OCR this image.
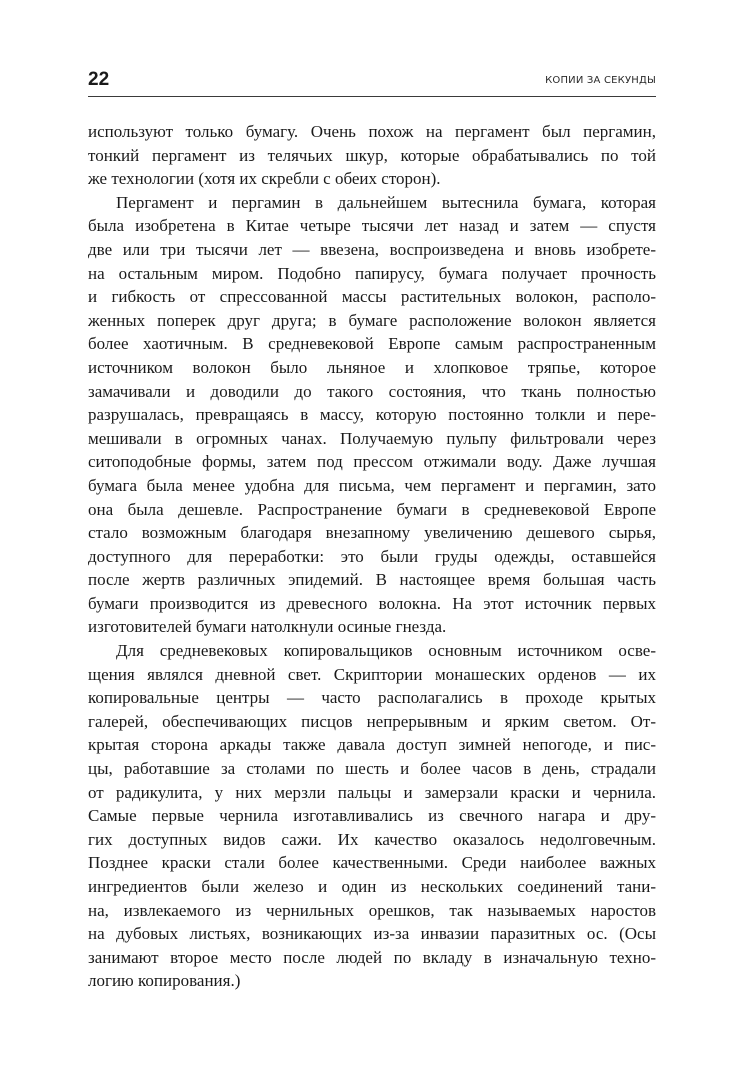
22	КОПИИ ЗА СЕКУНДЫ

используют только бумагу. Очень похож на пергамент был пергамин,
тонкий пергамент из телячьих шкур, которые обрабатывались по той
же технологии (хотя их скребли с обеих сторон).

Пергамент и пергамин в дальнейшем вытеснила бумага, которая
была изобретена в Китае четыре тысячи лет назад и затем — спустя
две или три тысячи лет — ввезена, воспроизведена и вновь изобрете-
на остальным миром. Подобно папирусу, бумага получает прочность
и гибкость от спрессованной массы растительных волокон, располо-
женных поперек друг друга; в бумаге расположение волокон является
более хаотичным. В средневековой Европе самым распространенным
источником волокон было льняное и хлопковое тряпье, которое
замачивали и доводили до такого состояния, что ткань полностью
разрушалась, превращаясь в массу, которую постоянно толкли и пере-
мешивали в огромных чанах. Получаемую пульпу фильтровали через
ситоподобные формы, затем под прессом отжимали воду. Даже лучшая
бумага была менее удобна для письма, чем пергамент и пергамин, зато
она была дешевле. Распространение бумаги в средневековой Европе
стало возможным благодаря внезапному увеличению дешевого сырья,
доступного для переработки: это были груды одежды, оставшейся
после жертв различных эпидемий. В настоящее время большая часть
бумаги производится из древесного волокна. На этот источник первых
изготовителей бумаги натолкнули осиные гнезда.

Для средневековых копировальщиков основным источником осве-
щения являлся дневной свет. Скриптории монашеских орденов — их
копировальные центры — часто располагались в проходе крытых
галерей, обеспечивающих писцов непрерывным и ярким светом. От-
крытая сторона аркады также давала доступ зимней непогоде, и пис-
цы, работавшие за столами по шесть и более часов в день, страдали
от радикулита, у них мерзли пальцы и замерзали краски и чернила.
Самые первые чернила изготавливались из свечного нагара и дру-
гих доступных видов сажи. Их качество оказалось недолговечным.
Позднее краски стали более качественными. Среди наиболее важных
ингредиентов были железо и один из нескольких соединений тани-
на, извлекаемого из чернильных орешков, так называемых наростов
на дубовых листьях, возникающих из-за инвазии паразитных ос. (Осы
занимают второе место после людей по вкладу в изначальную техно-
логию копирования.)
